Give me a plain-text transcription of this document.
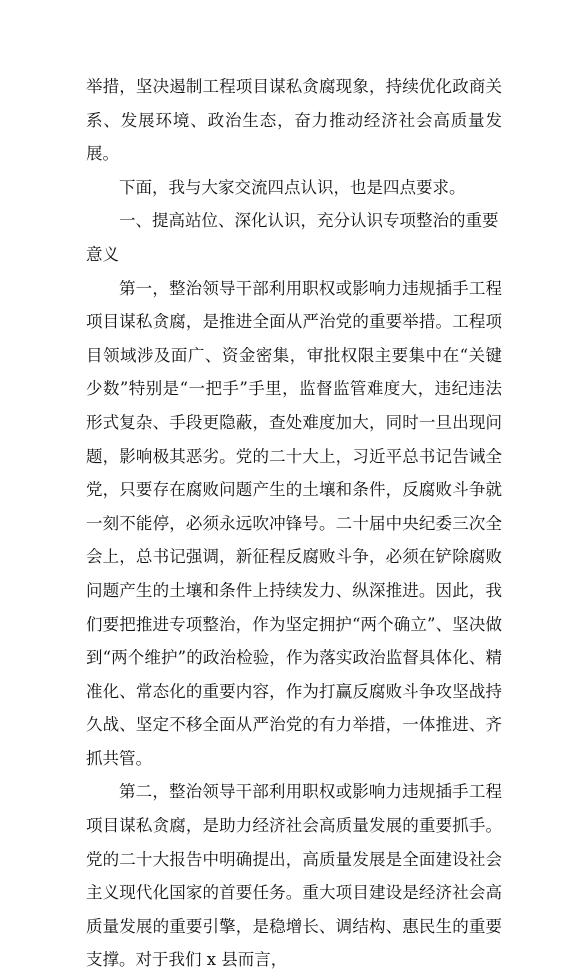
举措，坚决遏制工程项目谋私贪腐现象，持续优化政商关系、发展环境、政治生态，奋力推动经济社会高质量发展。

下面，我与大家交流四点认识，也是四点要求。

一、提高站位、深化认识，充分认识专项整治的重要意义

第一，整治领导干部利用职权或影响力违规插手工程项目谋私贪腐，是推进全面从严治党的重要举措。工程项目领域涉及面广、资金密集，审批权限主要集中在“关键少数”特别是“一把手”手里，监督监管难度大，违纪违法形式复杂、手段更隐蔽，查处难度加大，同时一旦出现问题，影响极其恶劣。党的二十大上，习近平总书记告诫全党，只要存在腐败问题产生的土壤和条件，反腐败斗争就一刻不能停，必须永远吹冲锋号。二十届中央纪委三次全会上，总书记强调，新征程反腐败斗争，必须在铲除腐败问题产生的土壤和条件上持续发力、纵深推进。因此，我们要把推进专项整治，作为坚定拥护“两个确立”、坚决做到“两个维护”的政治检验，作为落实政治监督具体化、精准化、常态化的重要内容，作为打赢反腐败斗争攻坚战持久战、坚定不移全面从严治党的有力举措，一体推进、齐抓共管。

第二，整治领导干部利用职权或影响力违规插手工程项目谋私贪腐，是助力经济社会高质量发展的重要抓手。党的二十大报告中明确提出，高质量发展是全面建设社会主义现代化国家的首要任务。重大项目建设是经济社会高质量发展的重要引擎，是稳增长、调结构、惠民生的重要支撑。对于我们 x 县而言，
